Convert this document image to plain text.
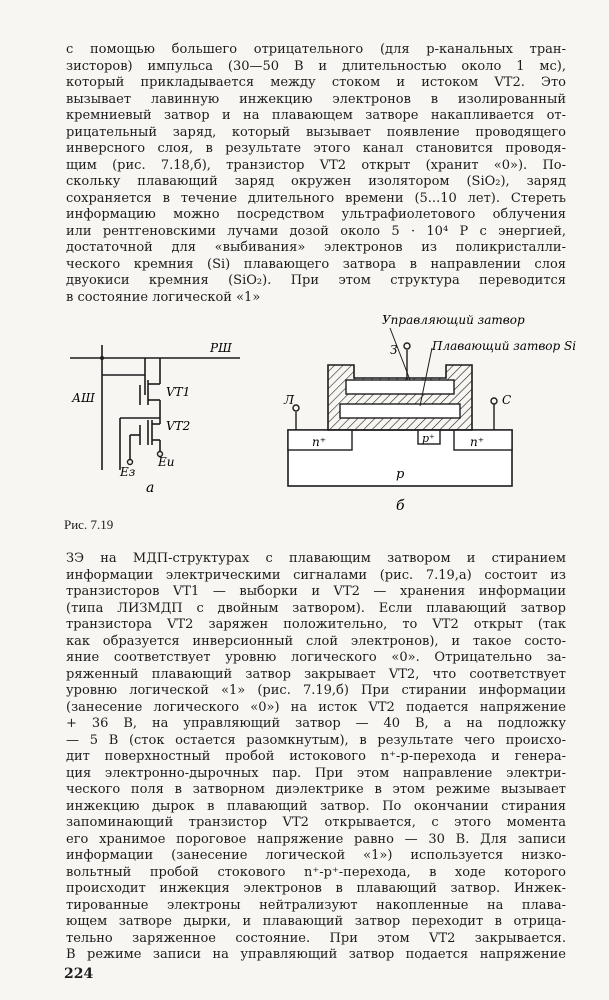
с помощью большего отрицательного (для p-канальных тран-
зисторов) импульса (30—50 В и длительностью около 1 мс),
который прикладывается между стоком и истоком VT2. Это
вызывает лавинную инжекцию электронов в изолированный
кремниевый затвор и на плавающем затворе накапливается от-
рицательный заряд, который вызывает появление проводящего
инверсного слоя, в результате этого канал становится проводя-
щим (рис. 7.18,б), транзистор VT2 открыт (хранит «0»). По-
скольку плавающий заряд окружен изолятором (SiO₂), заряд
сохраняется в течение длительного времени (5...10 лет). Стереть
информацию можно посредством ультрафиолетового облучения
или рентгеновскими лучами дозой около 5 · 10⁴ Р с энергией,
достаточной для «выбивания» электронов из поликристалли-
ческого кремния (Si) плавающего затвора в направлении слоя
двуокиси кремния (SiO₂). При этом структура переводится
в состояние логической «1»
РШ
АШ	VT1
VT2
Ез
Еи
а
Управляющий затвор
Плавающий затвор Si
З
Л	С
n⁺	p⁺	n⁺
p
б
Рис. 7.19
ЗЭ на МДП-структурах с плавающим затвором и стиранием
информации электрическими сигналами (рис. 7.19,а) состоит из
транзисторов VT1 — выборки и VT2 — хранения информации
(типа ЛИЗМДП с двойным затвором). Если плавающий затвор
транзистора VT2 заряжен положительно, то VT2 открыт (так
как образуется инверсионный слой электронов), и такое состо-
яние соответствует уровню логического «0». Отрицательно за-
ряженный плавающий затвор закрывает VT2, что соответствует
уровню логической «1» (рис. 7.19,б) При стирании информации
(занесение логического «0») на исток VT2 подается напряжение
+ 36 В, на управляющий затвор — 40 В, а на подложку
— 5 В (сток остается разомкнутым), в результате чего происхо-
дит поверхностный пробой истокового n⁺-p-перехода и генера-
ция электронно-дырочных пар. При этом направление электри-
ческого поля в затворном диэлектрике в этом режиме вызывает
инжекцию дырок в плавающий затвор. По окончании стирания
запоминающий транзистор VT2 открывается, с этого момента
его хранимое пороговое напряжение равно — 30 В. Для записи
информации (занесение логической «1») используется низко-
вольтный пробой стокового n⁺-p⁺-перехода, в ходе которого
происходит инжекция электронов в плавающий затвор. Инжек-
тированные электроны нейтрализуют накопленные на плава-
ющем затворе дырки, и плавающий затвор переходит в отрица-
тельно заряженное состояние. При этом VT2 закрывается.
В режиме записи на управляющий затвор подается напряжение
224
